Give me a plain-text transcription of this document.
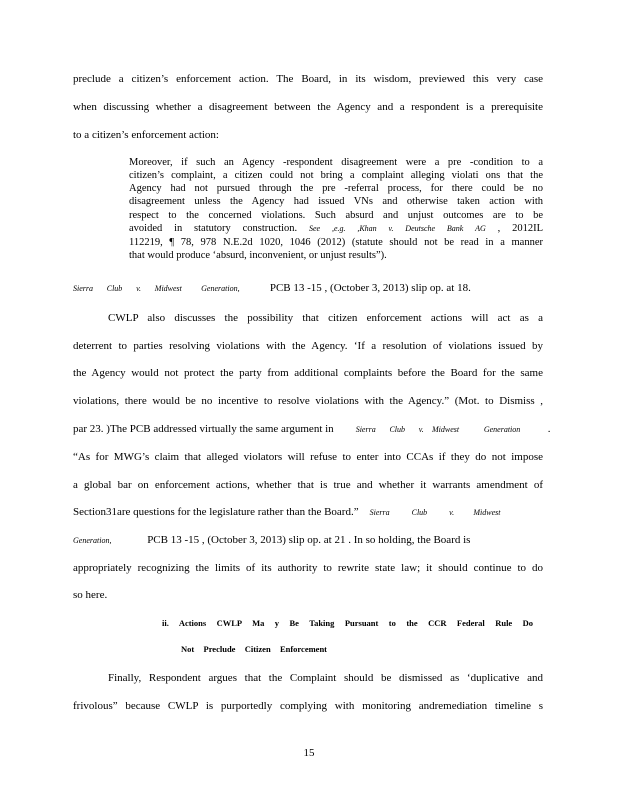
preclude a citizen’s enforcement action. The Board, in its wisdom, previewed this very case
when discussing whether a disagreement between the Agency and a respondent is a prerequisite
to a citizen’s enforcement action:
Moreover, if such an Agency -respondent disagreement were a pre -condition to a
citizen’s complaint, a citizen could not bring a complaint alleging violati ons that the
Agency had not pursued through the pre -referral process, for there could be no
disagreement unless the Agency had issued VNs and otherwise taken action with
respect to the concerned violations. Such absurd and unjust outcomes are to be
avoided in statutory construction. See ,e.g. ,Khan v. Deutsche Bank AG , 2012IL
112219, ¶ 78, 978 N.E.2d 1020, 1046 (2012) (statute should not be read in a manner
that would produce ‘absurd, inconvenient, or unjust results”).
Sierra Club v. Midwest Generation,	PCB 13 -15 , (October 3, 2013) slip op. at 18.
CWLP also discusses the possibility that citizen enforcement actions will act as a
deterrent to parties resolving violations with the Agency. ‘If a resolution of violations issued by
the Agency would not protect the party from additional complaints before the Board for the same
violations, there would be no incentive to resolve violations with the Agency.” (Mot. to Dismiss ,
par 23. )The PCB addressed virtually the same argument in	Sierra Club v. Midwest	Generation	.
“As for MWG’s claim that alleged violators will refuse to enter into CCAs if they do not impose
a global bar on enforcement actions, whether that is true and whether it warrants amendment of
Section31are questions for the legislature rather than the Board.” Sierra	Club	v. Midwest
Generation,	PCB 13 -15 , (October 3, 2013) slip op. at 21 . In so holding, the Board is
appropriately recognizing the limits of its authority to rewrite state law; it should continue to do
so here.
ii. Actions CWLP Ma y Be Taking Pursuant to the CCR Federal Rule Do
Not Preclude Citizen Enforcement
Finally, Respondent argues that the Complaint should be dismissed as ‘duplicative and
frivolous” because CWLP is purportedly complying with monitoring andremediation timeline s
15
